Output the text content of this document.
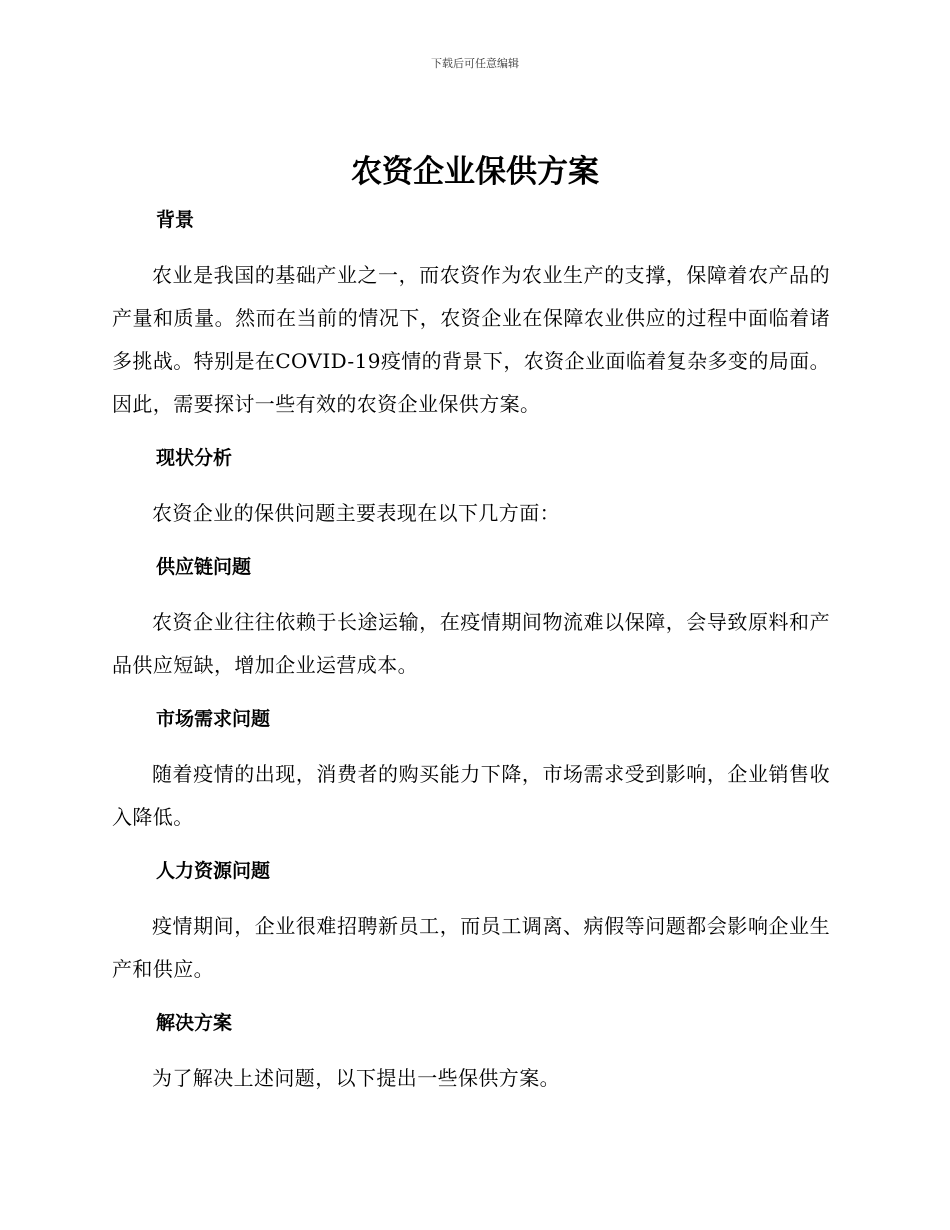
下载后可任意编辑
农资企业保供方案
背景

农业是我国的基础产业之一，而农资作为农业生产的支撑，保障着农产品的产量和质量。然而在当前的情况下，农资企业在保障农业供应的过程中面临着诸多挑战。特别是在COVID-19疫情的背景下，农资企业面临着复杂多变的局面。因此，需要探讨一些有效的农资企业保供方案。

现状分析

农资企业的保供问题主要表现在以下几方面：

供应链问题

农资企业往往依赖于长途运输，在疫情期间物流难以保障，会导致原料和产品供应短缺，增加企业运营成本。

市场需求问题

随着疫情的出现，消费者的购买能力下降，市场需求受到影响，企业销售收入降低。

人力资源问题

疫情期间，企业很难招聘新员工，而员工调离、病假等问题都会影响企业生产和供应。

解决方案

为了解决上述问题，以下提出一些保供方案。
